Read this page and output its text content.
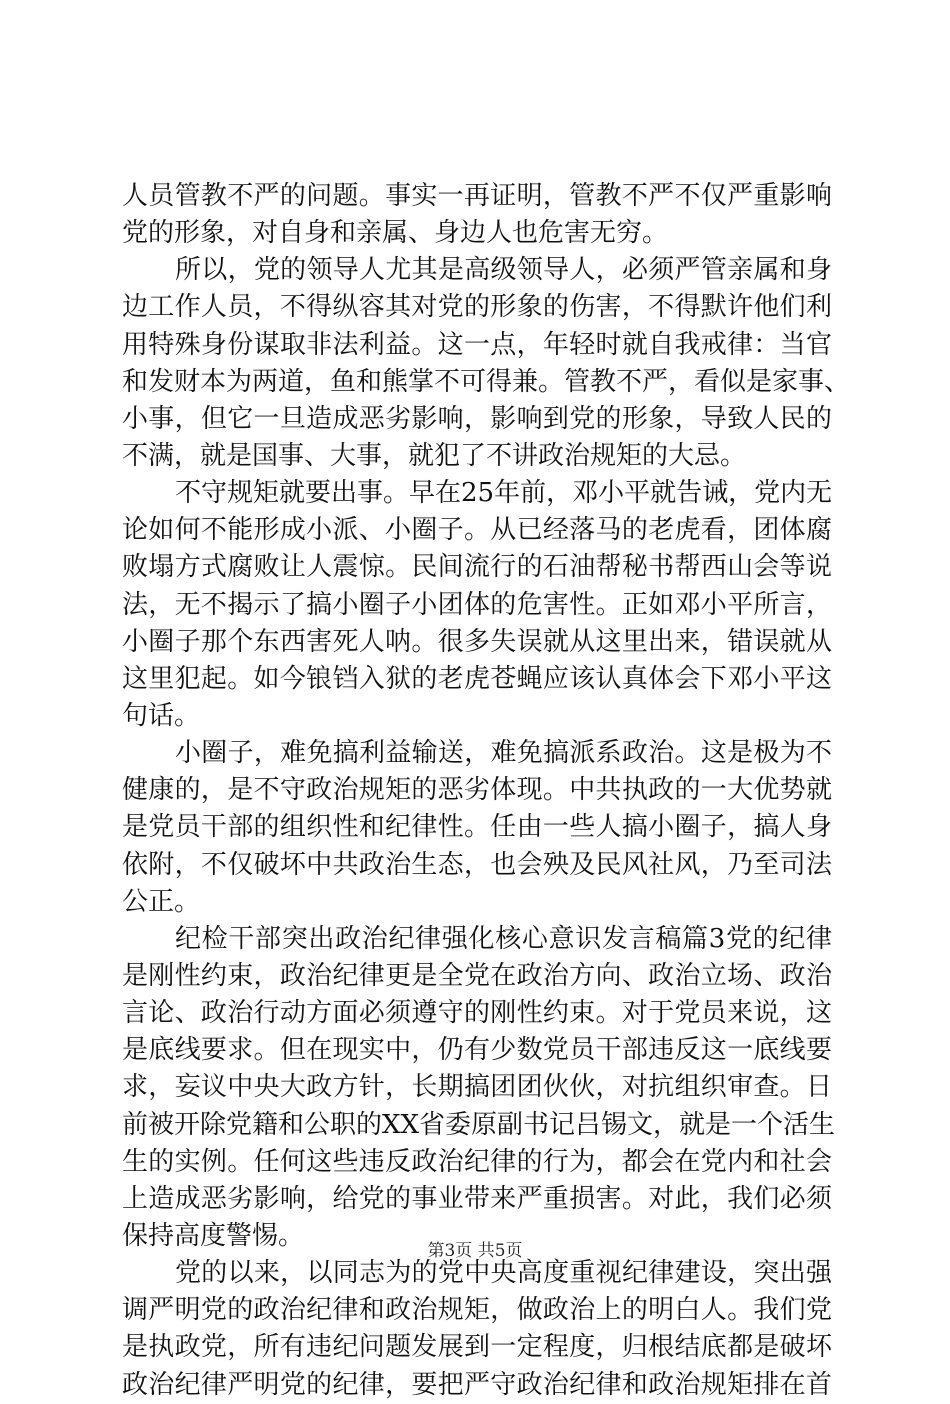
人员管教不严的问题。事实一再证明，管教不严不仅严重影响
党的形象，对自身和亲属、身边人也危害无穷。
所以，党的领导人尤其是高级领导人，必须严管亲属和身
边工作人员，不得纵容其对党的形象的伤害，不得默许他们利
用特殊身份谋取非法利益。这一点，年轻时就自我戒律：当官
和发财本为两道，鱼和熊掌不可得兼。管教不严，看似是家事、
小事，但它一旦造成恶劣影响，影响到党的形象，导致人民的
不满，就是国事、大事，就犯了不讲政治规矩的大忌。
不守规矩就要出事。早在25年前，邓小平就告诫，党内无
论如何不能形成小派、小圈子。从已经落马的老虎看，团体腐
败塌方式腐败让人震惊。民间流行的石油帮秘书帮西山会等说
法，无不揭示了搞小圈子小团体的危害性。正如邓小平所言，
小圈子那个东西害死人呐。很多失误就从这里出来，错误就从
这里犯起。如今锒铛入狱的老虎苍蝇应该认真体会下邓小平这
句话。
小圈子，难免搞利益输送，难免搞派系政治。这是极为不
健康的，是不守政治规矩的恶劣体现。中共执政的一大优势就
是党员干部的组织性和纪律性。任由一些人搞小圈子，搞人身
依附，不仅破坏中共政治生态，也会殃及民风社风，乃至司法
公正。
纪检干部突出政治纪律强化核心意识发言稿篇3党的纪律
是刚性约束，政治纪律更是全党在政治方向、政治立场、政治
言论、政治行动方面必须遵守的刚性约束。对于党员来说，这
是底线要求。但在现实中，仍有少数党员干部违反这一底线要
求，妄议中央大政方针，长期搞团团伙伙，对抗组织审查。日
前被开除党籍和公职的XX省委原副书记吕锡文，就是一个活生
生的实例。任何这些违反政治纪律的行为，都会在党内和社会
上造成恶劣影响，给党的事业带来严重损害。对此，我们必须
保持高度警惕。
党的以来，以同志为的党中央高度重视纪律建设，突出强
调严明党的政治纪律和政治规矩，做政治上的明白人。我们党
是执政党，所有违纪问题发展到一定程度，归根结底都是破坏
政治纪律严明党的纪律，要把严守政治纪律和政治规矩排在首
第3页 共5页
